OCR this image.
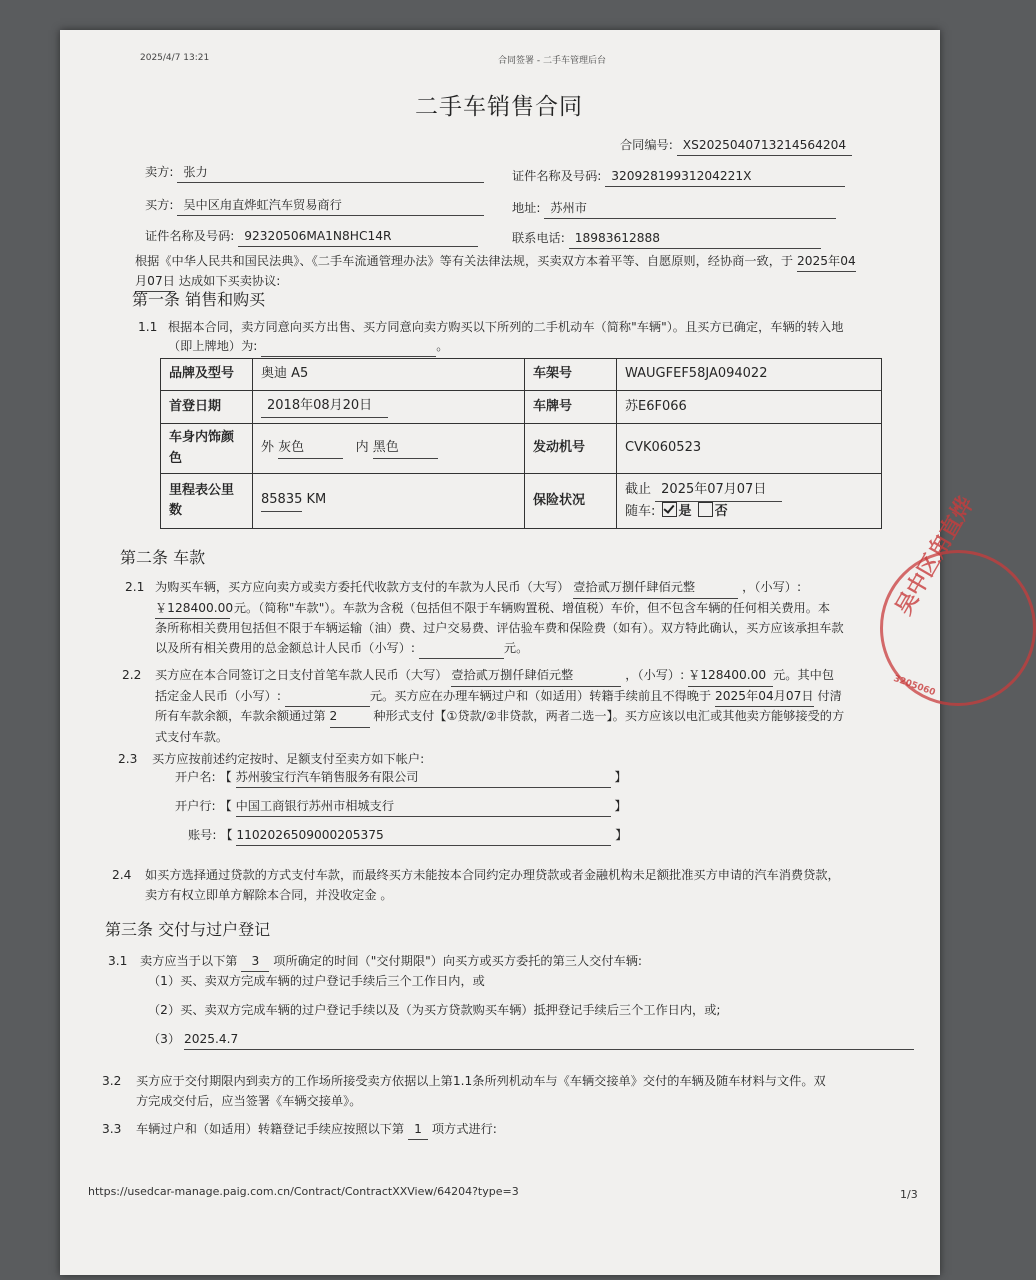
2025/4/7 13:21	合同签署 - 二手车管理后台
二手车销售合同
合同编号: XS2025040713214564204
卖方: 张力	证件名称及号码: 32092819931204221X
买方: 吴中区甪直烨虹汽车贸易商行	地址: 苏州市
证件名称及号码: 92320506MA1N8HC14R	联系电话: 18983612888
根据《中华人民共和国民法典》、《二手车流通管理办法》等有关法律法规，买卖双方本着平等、自愿原则，经协商一致，于 2025年04
月07日 达成如下买卖协议:
第一条 销售和购买
1.1 根据本合同，卖方同意向买方出售、买方同意向卖方购买以下所列的二手机动车（简称"车辆"）。且买方已确定，车辆的转入地
（即上牌地）为:	。
品牌及型号	奥迪 A5	车架号	WAUGFEF58JA094022
首登日期	2018年08月20日	车牌号	苏E6F066
车身内饰颜色	外 灰色 内 黑色	发动机号	CVK060523
里程表公里数	85835 KM	保险状况	截止 2025年07月07日
随车: 是 否
第二条 车款
2.1 为购买车辆，买方应向卖方或卖方委托代收款方支付的车款为人民币（大写） 壹拾贰万捌仟肆佰元整	，（小写）:
￥128400.00 元。（简称"车款"）。车款为含税（包括但不限于车辆购置税、增值税）车价，但不包含车辆的任何相关费用。本
条所称相关费用包括但不限于车辆运输（油）费、过户交易费、评估验车费和保险费（如有）。双方特此确认，买方应该承担车款
以及所有相关费用的总金额总计人民币（小写）:	元。
2.2 买方应在本合同签订之日支付首笔车款人民币（大写） 壹拾贰万捌仟肆佰元整	，（小写）: ￥128400.00 元。其中包
括定金人民币（小写）:	元。买方应在办理车辆过户和（如适用）转籍手续前且不得晚于 2025年04月07日 付清
所有车款余额，车款余额通过第 2	种形式支付【①贷款/②非贷款，两者二选一】。买方应该以电汇或其他卖方能够接受的方
式支付车款。
2.3 买方应按前述约定按时、足额支付至卖方如下帐户:
开户名: 【 苏州骏宝行汽车销售服务有限公司	】
开户行: 【 中国工商银行苏州市相城支行	】
账号: 【 1102026509000205375	】
2.4 如买方选择通过贷款的方式支付车款，而最终买方未能按本合同约定办理贷款或者金融机构未足额批准买方申请的汽车消费贷款，
卖方有权立即单方解除本合同，并没收定金 。
第三条 交付与过户登记
3.1 卖方应当于以下第 3 项所确定的时间（"交付期限"）向买方或买方委托的第三人交付车辆:
（1）买、卖双方完成车辆的过户登记手续后三个工作日内，或
（2）买、卖双方完成车辆的过户登记手续以及（为买方贷款购买车辆）抵押登记手续后三个工作日内，或;
（3） 2025.4.7
3.2 买方应于交付期限内到卖方的工作场所接受卖方依据以上第1.1条所列机动车与《车辆交接单》交付的车辆及随车材料与文件。双
方完成交付后，应当签署《车辆交接单》。
3.3 车辆过户和（如适用）转籍登记手续应按照以下第 1 项方式进行:
https://usedcar-manage.paig.com.cn/Contract/ContractXXView/64204?type=3	1/3
吴中区甪直烨
3205060
